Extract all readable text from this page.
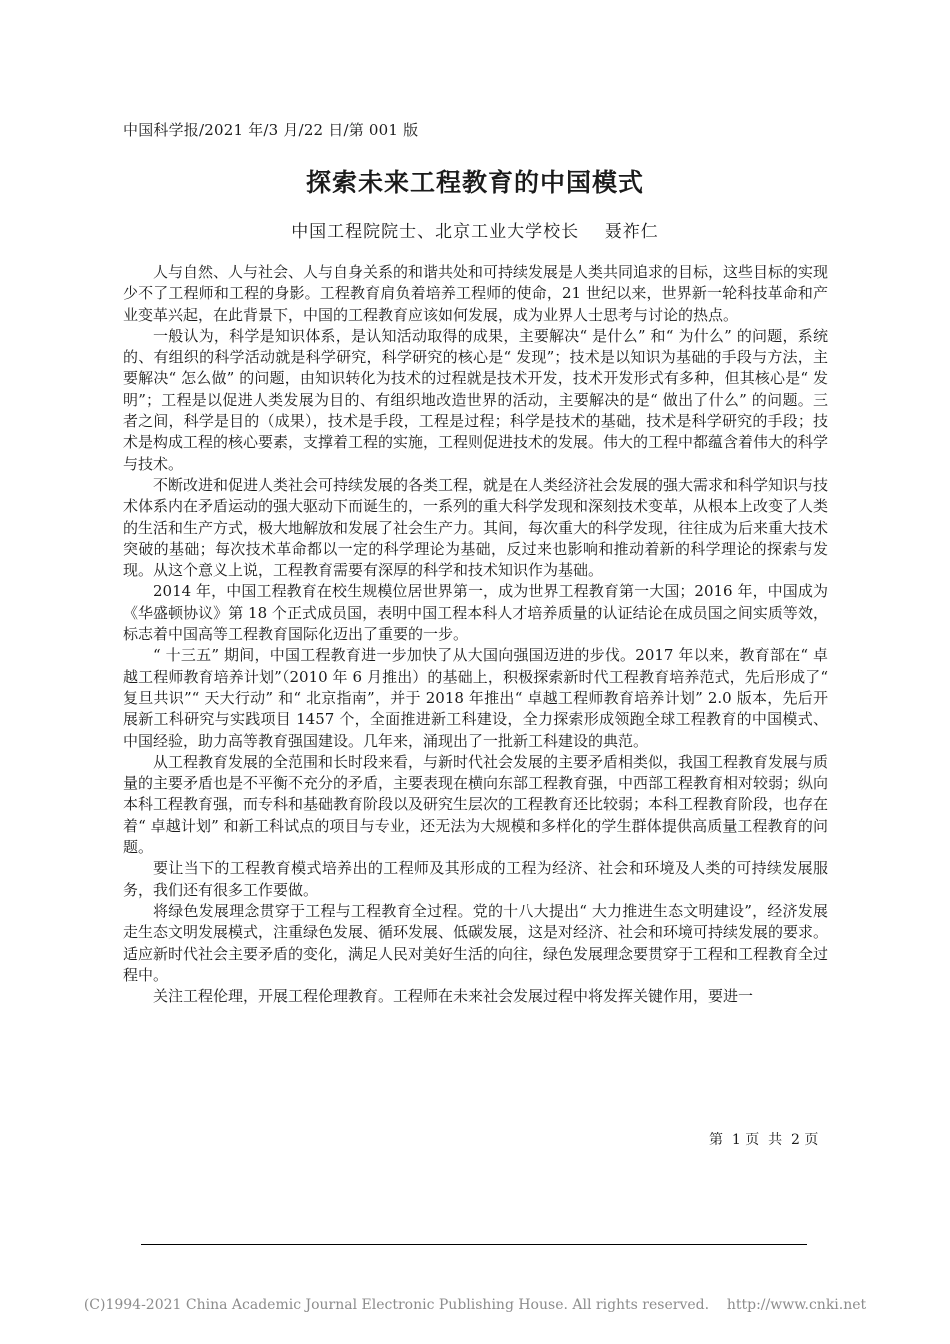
中国科学报/2021 年/3 月/22 日/第 001 版
探索未来工程教育的中国模式
中国工程院院士、北京工业大学校长    聂祚仁

人与自然、人与社会、人与自身关系的和谐共处和可持续发展是人类共同追求的目标，这些目标的实现少不了工程师和工程的身影。工程教育肩负着培养工程师的使命，21 世纪以来，世界新一轮科技革命和产业变革兴起，在此背景下，中国的工程教育应该如何发展，成为业界人士思考与讨论的热点。

一般认为，科学是知识体系，是认知活动取得的成果，主要解决“ 是什么” 和“ 为什么” 的问题，系统的、有组织的科学活动就是科学研究，科学研究的核心是“ 发现”；技术是以知识为基础的手段与方法，主要解决“ 怎么做” 的问题，由知识转化为技术的过程就是技术开发，技术开发形式有多种，但其核心是“ 发明”；工程是以促进人类发展为目的、有组织地改造世界的活动，主要解决的是“ 做出了什么” 的问题。三者之间，科学是目的（成果），技术是手段，工程是过程；科学是技术的基础，技术是科学研究的手段；技术是构成工程的核心要素，支撑着工程的实施，工程则促进技术的发展。伟大的工程中都蕴含着伟大的科学与技术。

不断改进和促进人类社会可持续发展的各类工程，就是在人类经济社会发展的强大需求和科学知识与技术体系内在矛盾运动的强大驱动下而诞生的，一系列的重大科学发现和深刻技术变革，从根本上改变了人类的生活和生产方式，极大地解放和发展了社会生产力。其间，每次重大的科学发现，往往成为后来重大技术突破的基础；每次技术革命都以一定的科学理论为基础，反过来也影响和推动着新的科学理论的探索与发现。从这个意义上说，工程教育需要有深厚的科学和技术知识作为基础。

2014 年，中国工程教育在校生规模位居世界第一，成为世界工程教育第一大国；2016 年，中国成为《华盛顿协议》第 18 个正式成员国，表明中国工程本科人才培养质量的认证结论在成员国之间实质等效，标志着中国高等工程教育国际化迈出了重要的一步。

“ 十三五” 期间，中国工程教育进一步加快了从大国向强国迈进的步伐。2017 年以来，教育部在“ 卓越工程师教育培养计划”（2010 年 6 月推出）的基础上，积极探索新时代工程教育培养范式，先后形成了“ 复旦共识”“ 天大行动” 和“ 北京指南”，并于 2018 年推出“ 卓越工程师教育培养计划” 2.0 版本，先后开展新工科研究与实践项目 1457 个，全面推进新工科建设，全力探索形成领跑全球工程教育的中国模式、中国经验，助力高等教育强国建设。几年来，涌现出了一批新工科建设的典范。

从工程教育发展的全范围和长时段来看，与新时代社会发展的主要矛盾相类似，我国工程教育发展与质量的主要矛盾也是不平衡不充分的矛盾，主要表现在横向东部工程教育强，中西部工程教育相对较弱；纵向本科工程教育强，而专科和基础教育阶段以及研究生层次的工程教育还比较弱；本科工程教育阶段，也存在着“ 卓越计划” 和新工科试点的项目与专业，还无法为大规模和多样化的学生群体提供高质量工程教育的问题。

要让当下的工程教育模式培养出的工程师及其形成的工程为经济、社会和环境及人类的可持续发展服务，我们还有很多工作要做。

将绿色发展理念贯穿于工程与工程教育全过程。党的十八大提出“ 大力推进生态文明建设”，经济发展走生态文明发展模式，注重绿色发展、循环发展、低碳发展，这是对经济、社会和环境可持续发展的要求。适应新时代社会主要矛盾的变化，满足人民对美好生活的向往，绿色发展理念要贯穿于工程和工程教育全过程中。

关注工程伦理，开展工程伦理教育。工程师在未来社会发展过程中将发挥关键作用，要进一

第  1 页  共  2 页
(C)1994-2021 China Academic Journal Electronic Publishing House. All rights reserved.    http://www.cnki.net
